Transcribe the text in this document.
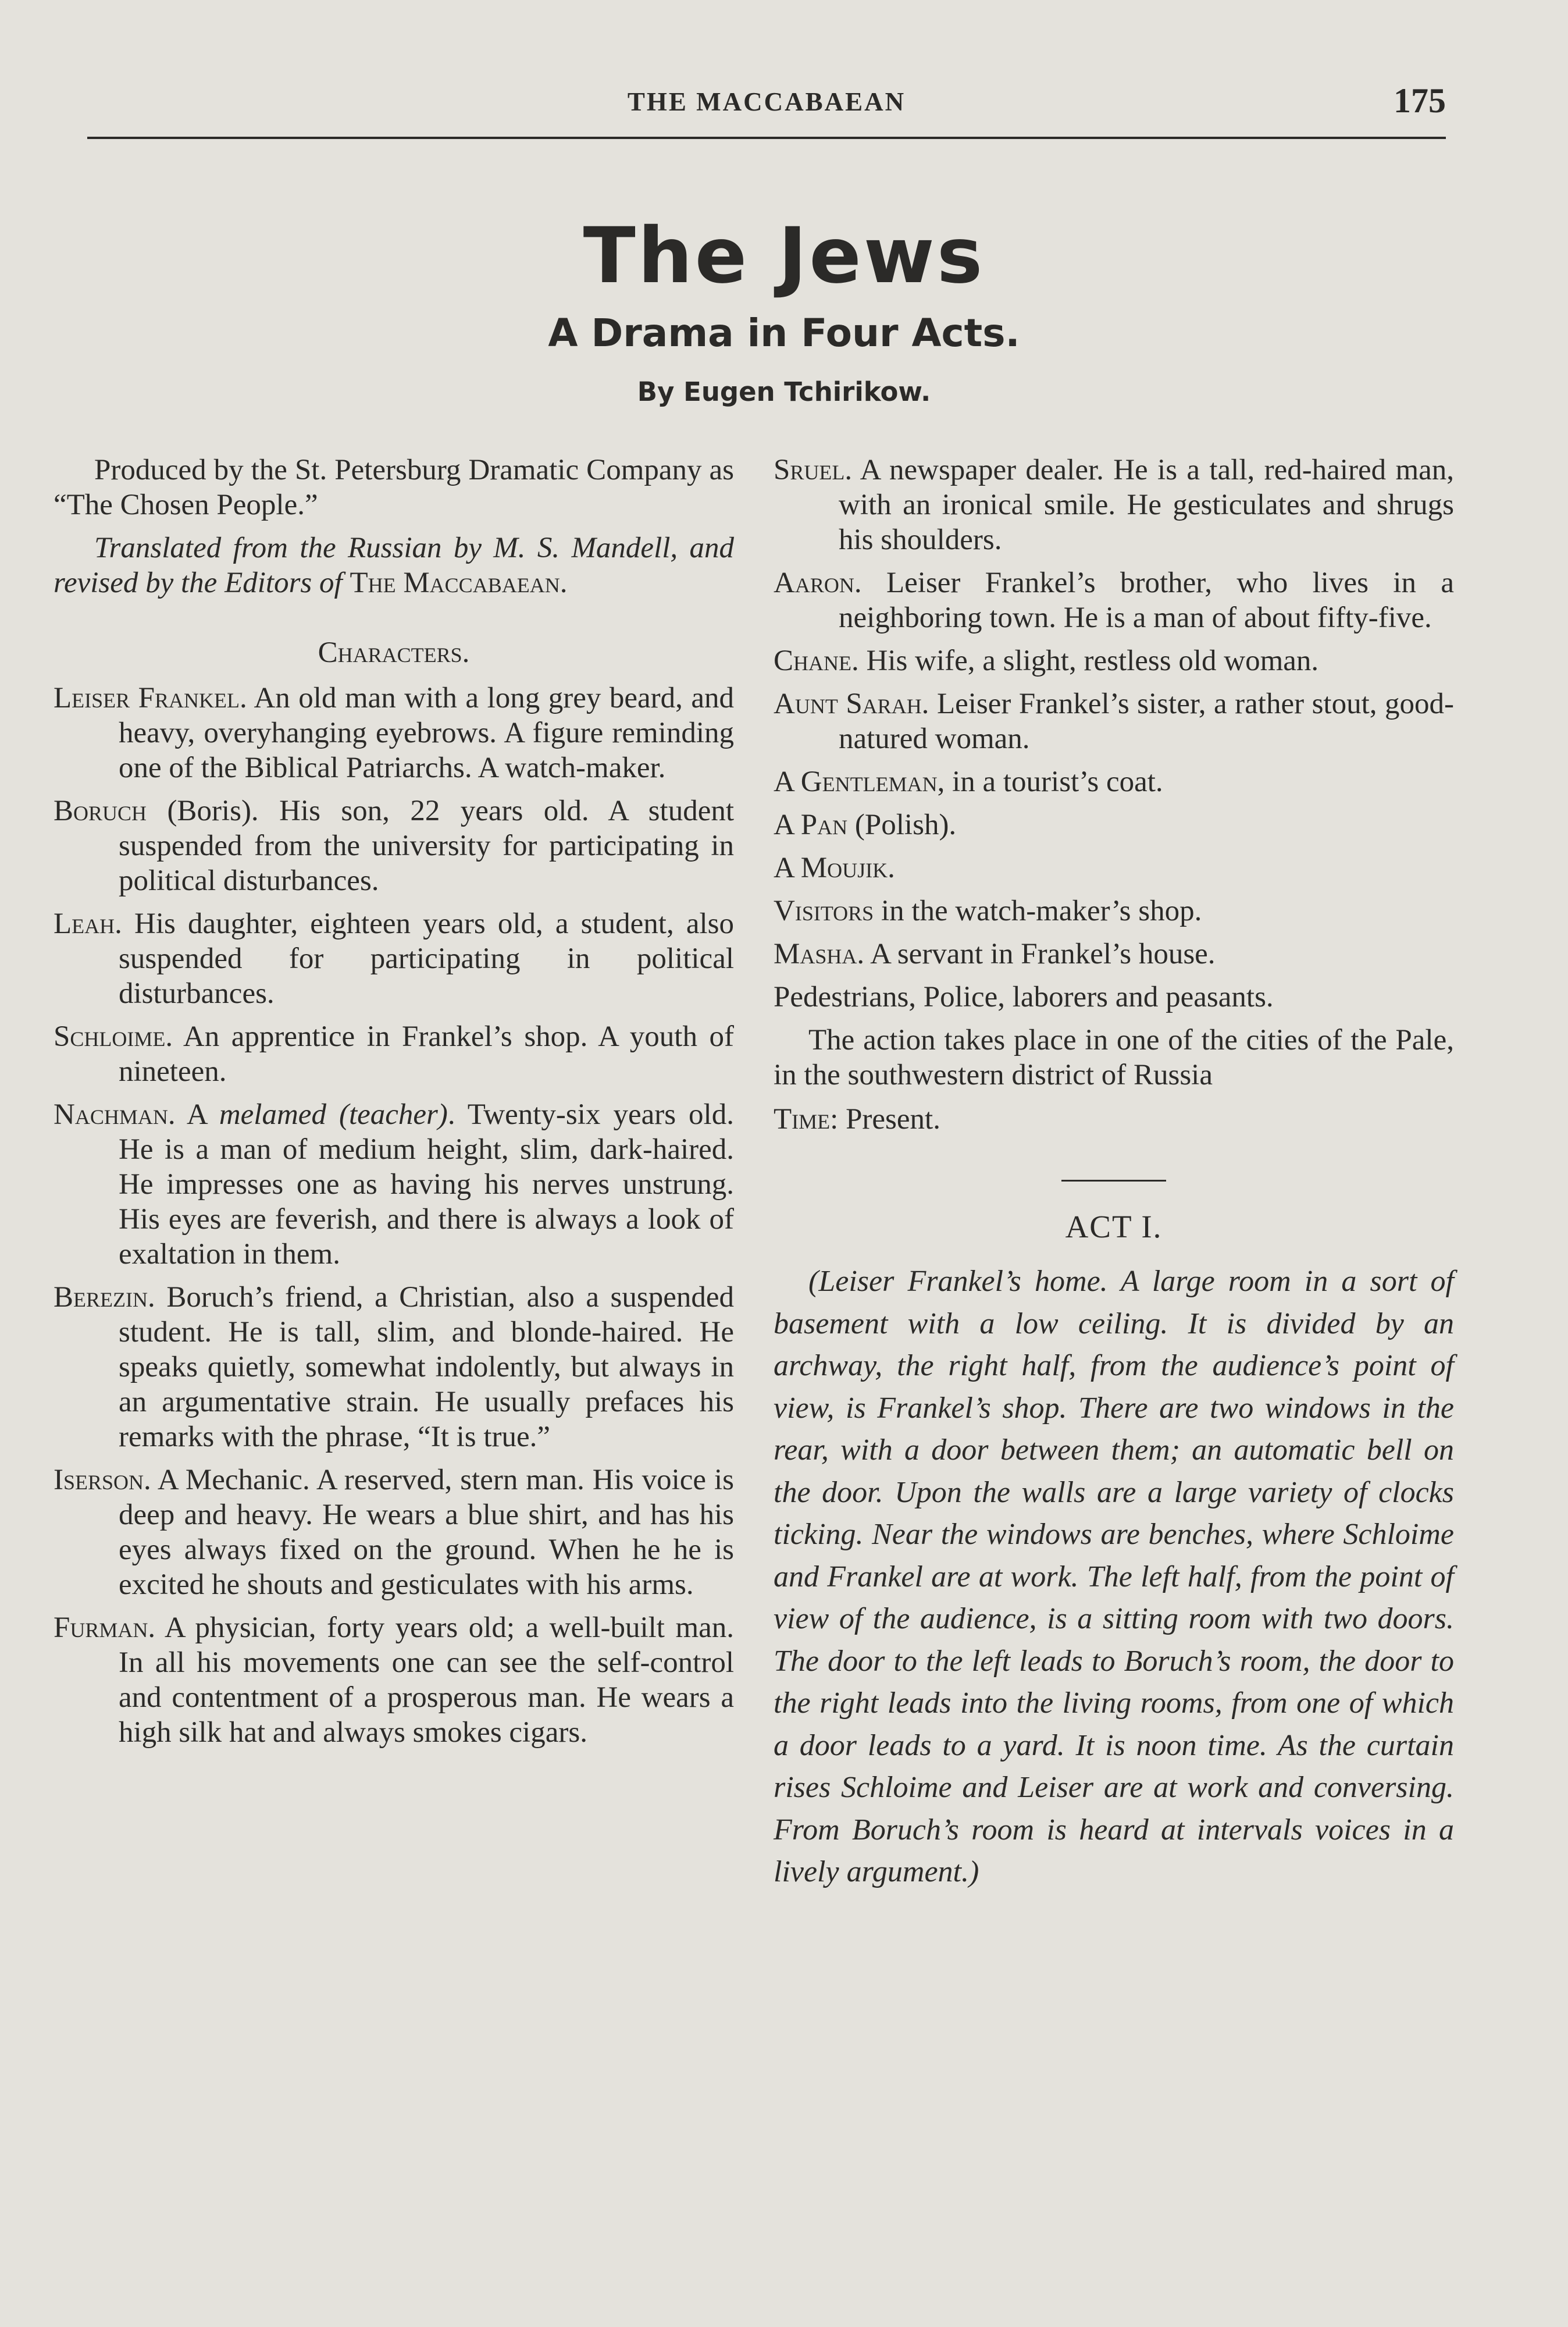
THE MACCABAEAN	175
The Jews
A Drama in Four Acts.
By Eugen Tchirikow.

Produced by the St. Petersburg Dramatic Company as “The Chosen People.”

Translated from the Russian by M. S. Mandell, and revised by the Editors of The Maccabaean.

Characters.

Leiser Frankel. An old man with a long grey beard, and heavy, overyhanging eyebrows. A figure reminding one of the Biblical Patriarchs. A watch-maker.

Boruch (Boris). His son, 22 years old. A student suspended from the university for participating in political disturbances.

Leah. His daughter, eighteen years old, a student, also suspended for participating in political disturbances.

Schloime. An apprentice in Frankel’s shop. A youth of nineteen.

Nachman. A melamed (teacher). Twenty-six years old. He is a man of medium height, slim, dark-haired. He impresses one as having his nerves unstrung. His eyes are feverish, and there is always a look of exaltation in them.

Berezin. Boruch’s friend, a Christian, also a suspended student. He is tall, slim, and blonde-haired. He speaks quietly, somewhat indolently, but always in an argumentative strain. He usually prefaces his remarks with the phrase, “It is true.”

Iserson. A Mechanic. A reserved, stern man. His voice is deep and heavy. He wears a blue shirt, and has his eyes always fixed on the ground. When he he is excited he shouts and gesticulates with his arms.

Furman. A physician, forty years old; a well-built man. In all his movements one can see the self-control and contentment of a prosperous man. He wears a high silk hat and always smokes cigars.

Sruel. A newspaper dealer. He is a tall, red-haired man, with an ironical smile. He gesticulates and shrugs his shoulders.

Aaron. Leiser Frankel’s brother, who lives in a neighboring town. He is a man of about fifty-five.

Chane. His wife, a slight, restless old woman.

Aunt Sarah. Leiser Frankel’s sister, a rather stout, good-natured woman.

A Gentleman, in a tourist’s coat.

A Pan (Polish).

A Moujik.

Visitors in the watch-maker’s shop.

Masha. A servant in Frankel’s house.

Pedestrians, Police, laborers and peasants.

The action takes place in one of the cities of the Pale, in the southwestern district of Russia

Time: Present.

ACT I.

(Leiser Frankel’s home. A large room in a sort of basement with a low ceiling. It is divided by an archway, the right half, from the audience’s point of view, is Frankel’s shop. There are two windows in the rear, with a door between them; an automatic bell on the door. Upon the walls are a large variety of clocks ticking. Near the windows are benches, where Schloime and Frankel are at work. The left half, from the point of view of the audience, is a sitting room with two doors. The door to the left leads to Boruch’s room, the door to the right leads into the living rooms, from one of which a door leads to a yard. It is noon time. As the curtain rises Schloime and Leiser are at work and conversing. From Boruch’s room is heard at intervals voices in a lively argument.)
